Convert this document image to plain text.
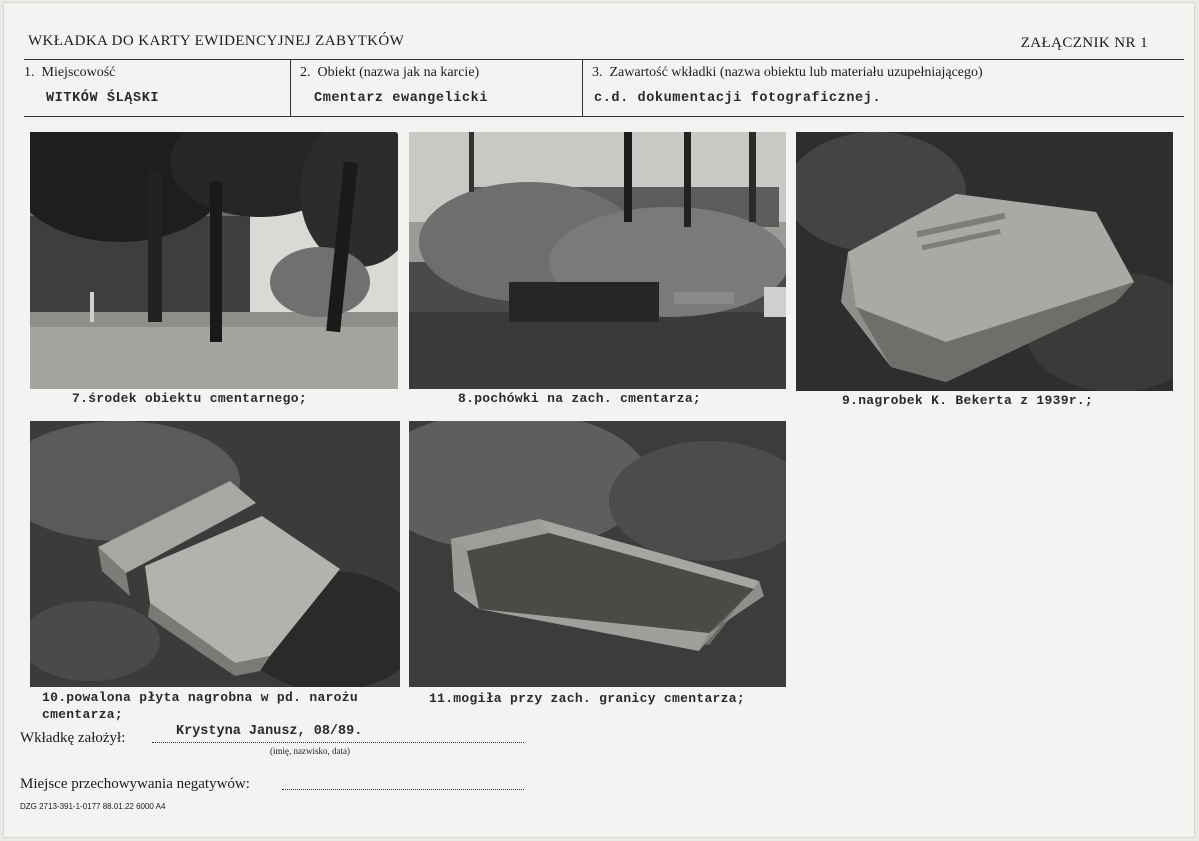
WKŁADKA DO KARTY EWIDENCYJNEJ ZABYTKÓW	ZAŁĄCZNIK NR 1
1. Miejscowość
WITKÓW ŚLĄSKI
2. Obiekt (nazwa jak na karcie)
Cmentarz ewangelicki
3. Zawartość wkładki (nazwa obiektu lub materiału uzupełniającego)
c.d. dokumentacji fotograficznej.
7.środek obiektu cmentarnego;	8.pochówki na zach. cmentarza;	9.nagrobek K. Bekerta z 1939r.;
10.powalona płyta nagrobna w pd. narożu
cmentarza;
11.mogiła przy zach. granicy cmentarza;
Wkładkę założył:	Krystyna Janusz, 08/89.
(imię, nazwisko, data)
Miejsce przechowywania negatywów:
DZG 2713-391-1-0177 88.01.22 6000 A4
